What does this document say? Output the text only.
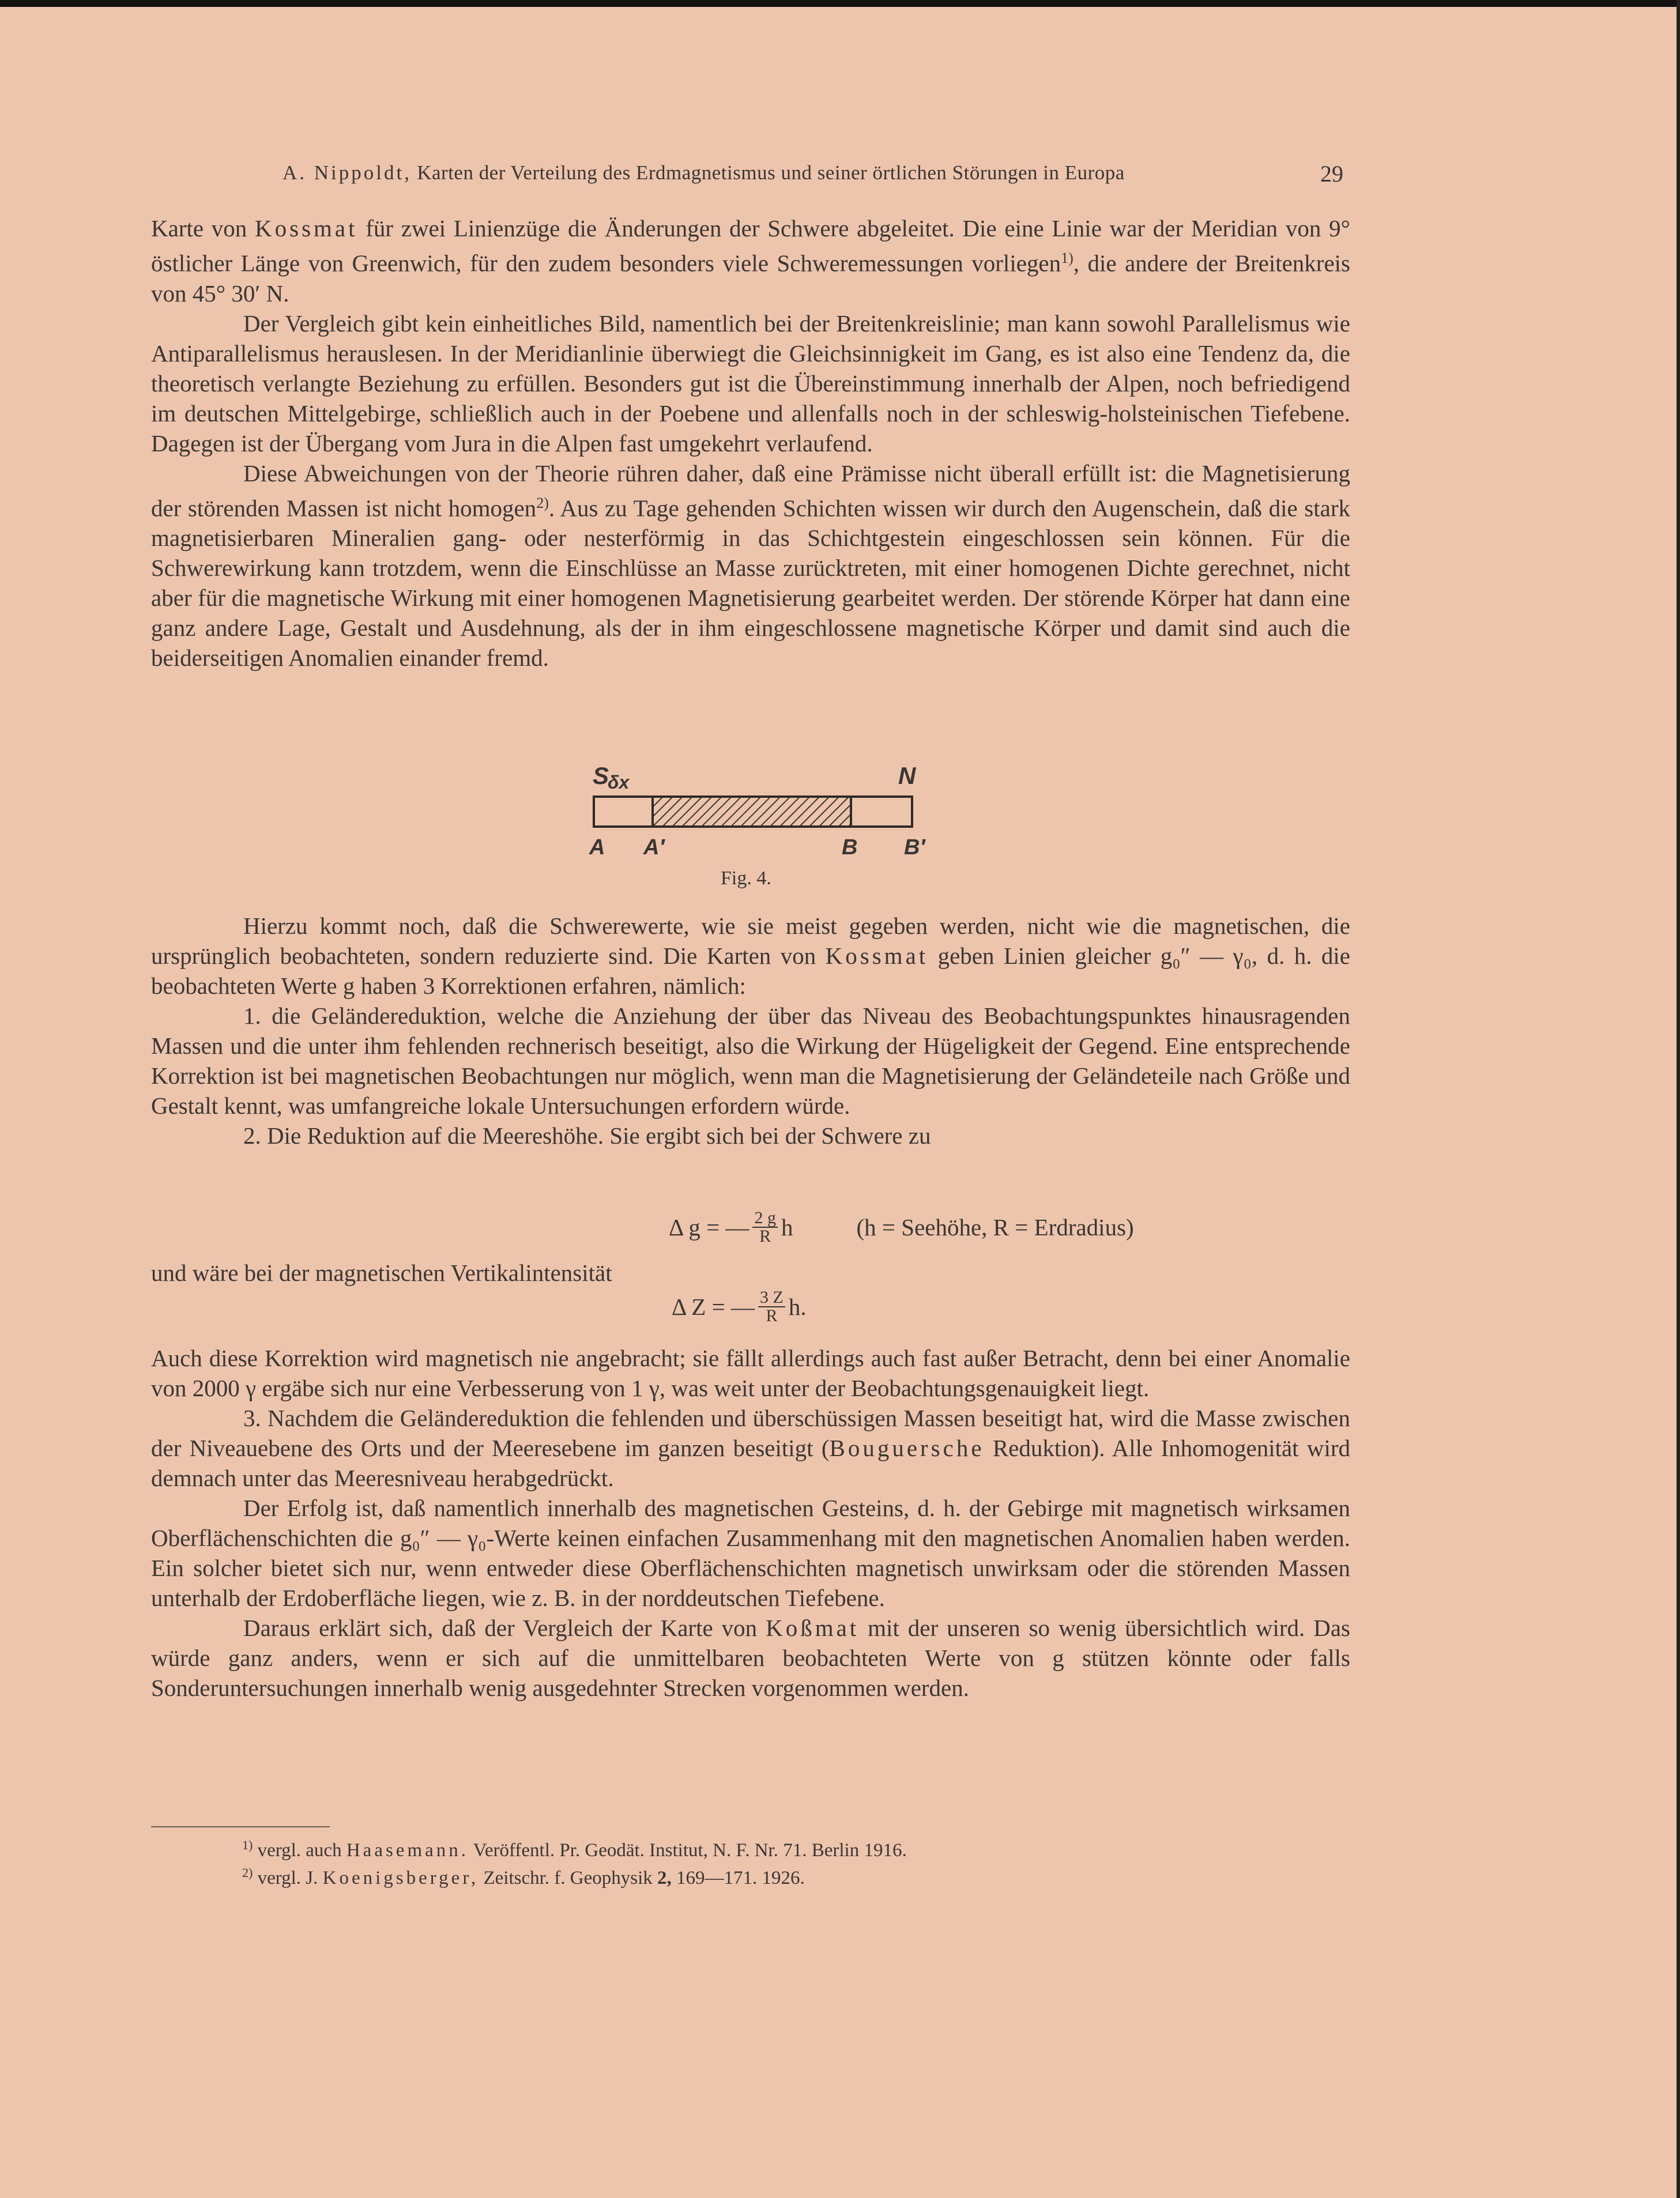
A. Nippoldt, Karten der Verteilung des Erdmagnetismus und seiner örtlichen Störungen in Europa	29

Karte von Kossmat für zwei Linienzüge die Änderungen der Schwere abgeleitet. Die eine Linie war der Meridian von 9° östlicher Länge von Greenwich, für den zudem besonders viele Schweremessungen vorliegen$^{1)}$, die andere der Breitenkreis von 45° 30′ N.

Der Vergleich gibt kein einheitliches Bild, namentlich bei der Breitenkreislinie; man kann sowohl Parallelismus wie Antiparallelismus herauslesen. In der Meridianlinie überwiegt die Gleichsinnigkeit im Gang, es ist also eine Tendenz da, die theoretisch verlangte Beziehung zu erfüllen. Besonders gut ist die Übereinstimmung innerhalb der Alpen, noch befriedigend im deutschen Mittelgebirge, schließlich auch in der Poebene und allenfalls noch in der schleswig-holsteinischen Tiefebene. Dagegen ist der Übergang vom Jura in die Alpen fast umgekehrt verlaufend.

Diese Abweichungen von der Theorie rühren daher, daß eine Prämisse nicht überall erfüllt ist: die Magnetisierung der störenden Massen ist nicht homogen$^{2)}$. Aus zu Tage gehenden Schichten wissen wir durch den Augenschein, daß die stark magnetisierbaren Mineralien gang- oder nesterförmig in das Schichtgestein eingeschlossen sein können. Für die Schwerewirkung kann trotzdem, wenn die Einschlüsse an Masse zurücktreten, mit einer homogenen Dichte gerechnet, nicht aber für die magnetische Wirkung mit einer homogenen Magnetisierung gearbeitet werden. Der störende Körper hat dann eine ganz andere Lage, Gestalt und Ausdehnung, als der in ihm eingeschlossene magnetische Körper und damit sind auch die beiderseitigen Anomalien einander fremd.

S
δx	N
A A′	B B′
Fig. 4.

Hierzu kommt noch, daß die Schwerewerte, wie sie meist gegeben werden, nicht wie die magnetischen, die ursprünglich beobachteten, sondern reduzierte sind. Die Karten von Kossmat geben Linien gleicher g₀″ — γ₀, d. h. die beobachteten Werte g haben 3 Korrektionen erfahren, nämlich:

1. die Geländereduktion, welche die Anziehung der über das Niveau des Beobachtungspunktes hinausragenden Massen und die unter ihm fehlenden rechnerisch beseitigt, also die Wirkung der Hügeligkeit der Gegend. Eine entsprechende Korrektion ist bei magnetischen Beobachtungen nur möglich, wenn man die Magnetisierung der Geländeteile nach Größe und Gestalt kennt, was umfangreiche lokale Untersuchungen erfordern würde.

2. Die Reduktion auf die Meereshöhe. Sie ergibt sich bei der Schwere zu

Δ g = — $\frac{2 g}{R}$ h	(h = Seehöhe, R = Erdradius)

und wäre bei der magnetischen Vertikalintensität

Δ Z = — $\frac{3 Z}{R} h$.

Auch diese Korrektion wird magnetisch nie angebracht; sie fällt allerdings auch fast außer Betracht, denn bei einer Anomalie von 2000 γ ergäbe sich nur eine Verbesserung von 1 γ, was weit unter der Beobachtungsgenauigkeit liegt.

3. Nachdem die Geländereduktion die fehlenden und überschüssigen Massen beseitigt hat, wird die Masse zwischen der Niveauebene des Orts und der Meeresebene im ganzen beseitigt (Bouguersche Reduktion). Alle Inhomogenität wird demnach unter das Meeresniveau herabgedrückt.

Der Erfolg ist, daß namentlich innerhalb des magnetischen Gesteins, d. h. der Gebirge mit magnetisch wirksamen Oberflächenschichten die g₀″ — γ₀-Werte keinen einfachen Zusammenhang mit den magnetischen Anomalien haben werden. Ein solcher bietet sich nur, wenn entweder diese Oberflächenschichten magnetisch unwirksam oder die störenden Massen unterhalb der Erdoberfläche liegen, wie z. B. in der norddeutschen Tiefebene.

Daraus erklärt sich, daß der Vergleich der Karte von Koßmat mit der unseren so wenig übersichtlich wird. Das würde ganz anders, wenn er sich auf die unmittelbaren beobachteten Werte von g stützen könnte oder falls Sonderuntersuchungen innerhalb wenig ausgedehnter Strecken vorgenommen werden.

$^{1)}$ vergl. auch Haasemann. Veröffentl. Pr. Geodät. Institut, N. F. Nr. 71. Berlin 1916.
$^{2)}$ vergl. J. Koenigsberger, Zeitschr. f. Geophysik 2, 169—171. 1926.
